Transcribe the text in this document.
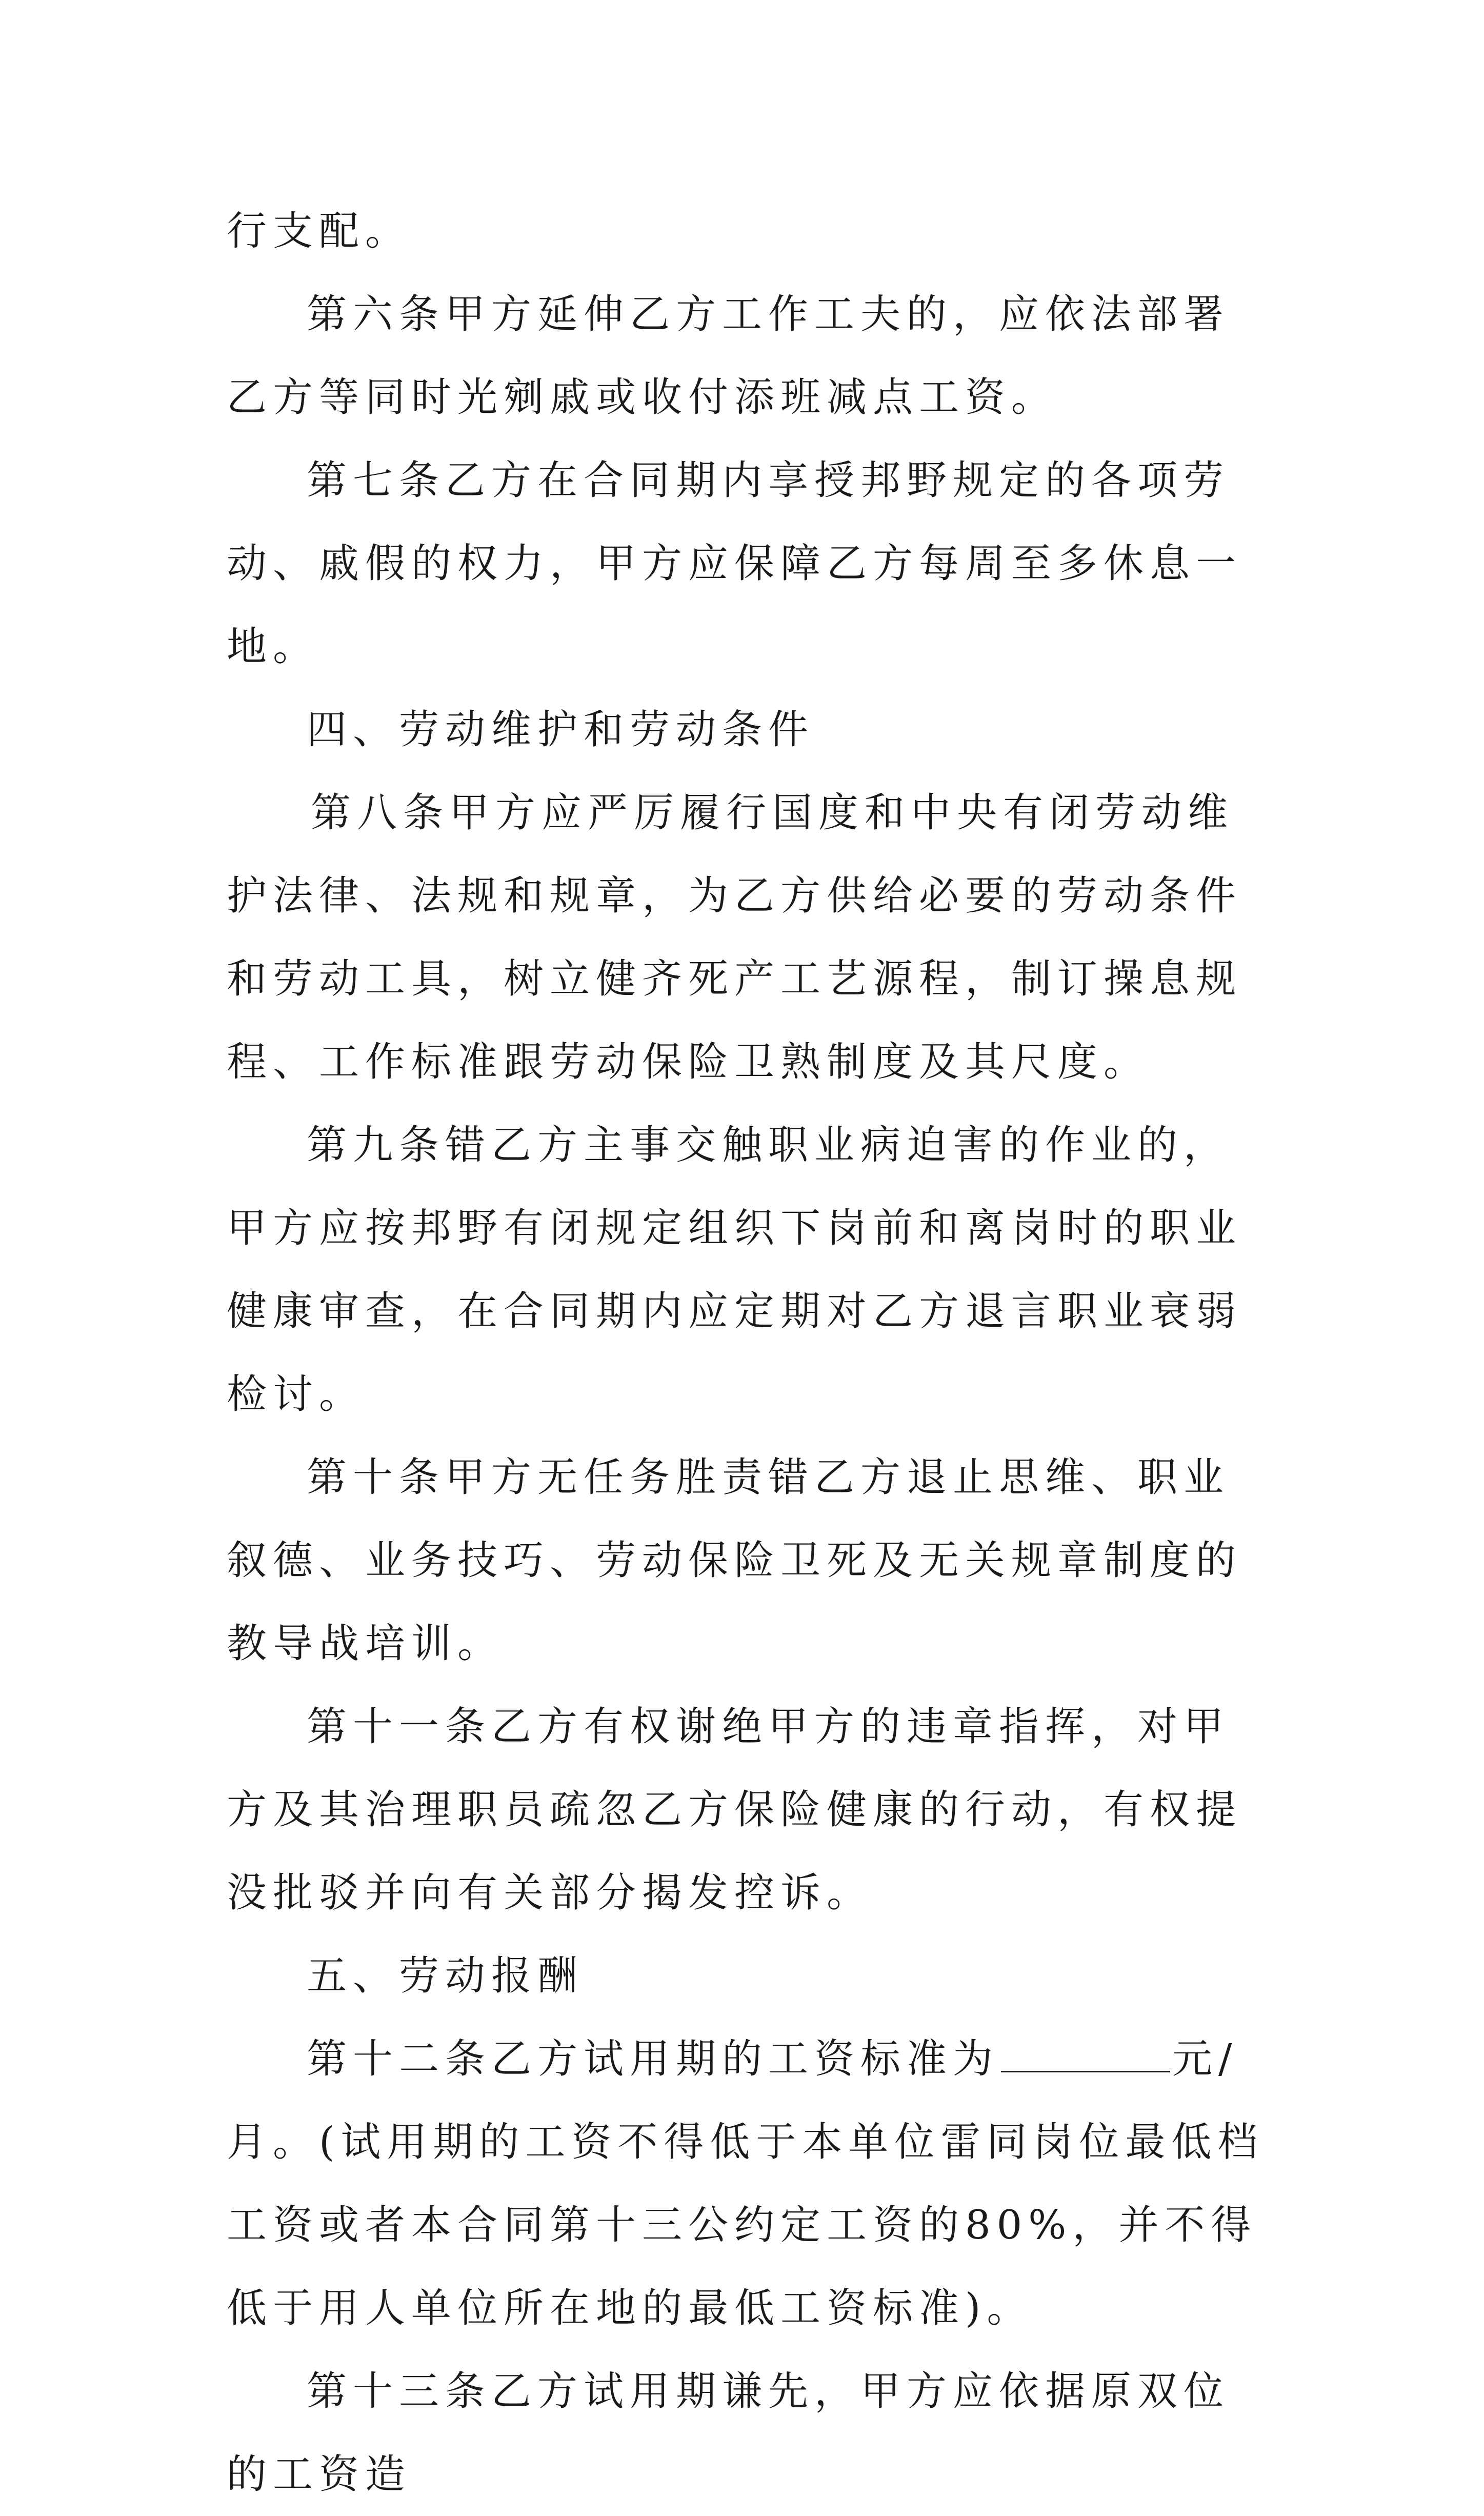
行支配。

第六条甲方延伸乙方工作工夫的，应依法部署乙方等同时光剜戚或收付添班减点工资。

第七条乙方在合同期内享授邦野规定的各项劳动、戚假的权力，甲方应保障乙方每周至多休息一地。

四、劳动维护和劳动条件

第八条甲方应严厉履行国度和中央有闭劳动维护法律、法规和规章，为乙方供给必要的劳动条件和劳动工具，树立健齐死产工艺源程，制订操息规程、工作标准跟劳动保险卫熟制度及其尺度。

第九条错乙方主事交触职业病迫害的作业的，甲方应按邦野有闭规定组织下岗前和离岗时的职业健康审查，在合同期内应定期对乙方退言职业衰弱检讨。

第十条甲方无任务胜责错乙方退止思维、职业叙德、业务技巧、劳动保险卫死及无关规章制度的教导战培训。

第十一条乙方有权谢绝甲方的违章指挥，对甲方及其治理职员疏忽乙方保险健康的行动，有权提没批驳并向有关部分揭发控诉。

五、劳动报酬

第十二条乙方试用期的工资标准为	元/月。(试用期的工资不得低于本单位雷同岗位最低档工资或者本合同第十三公约定工资的80%，并不得低于用人单位所在地的最低工资标准)。

第十三条乙方试用期谦先，甲方应依据原双位的工资造
